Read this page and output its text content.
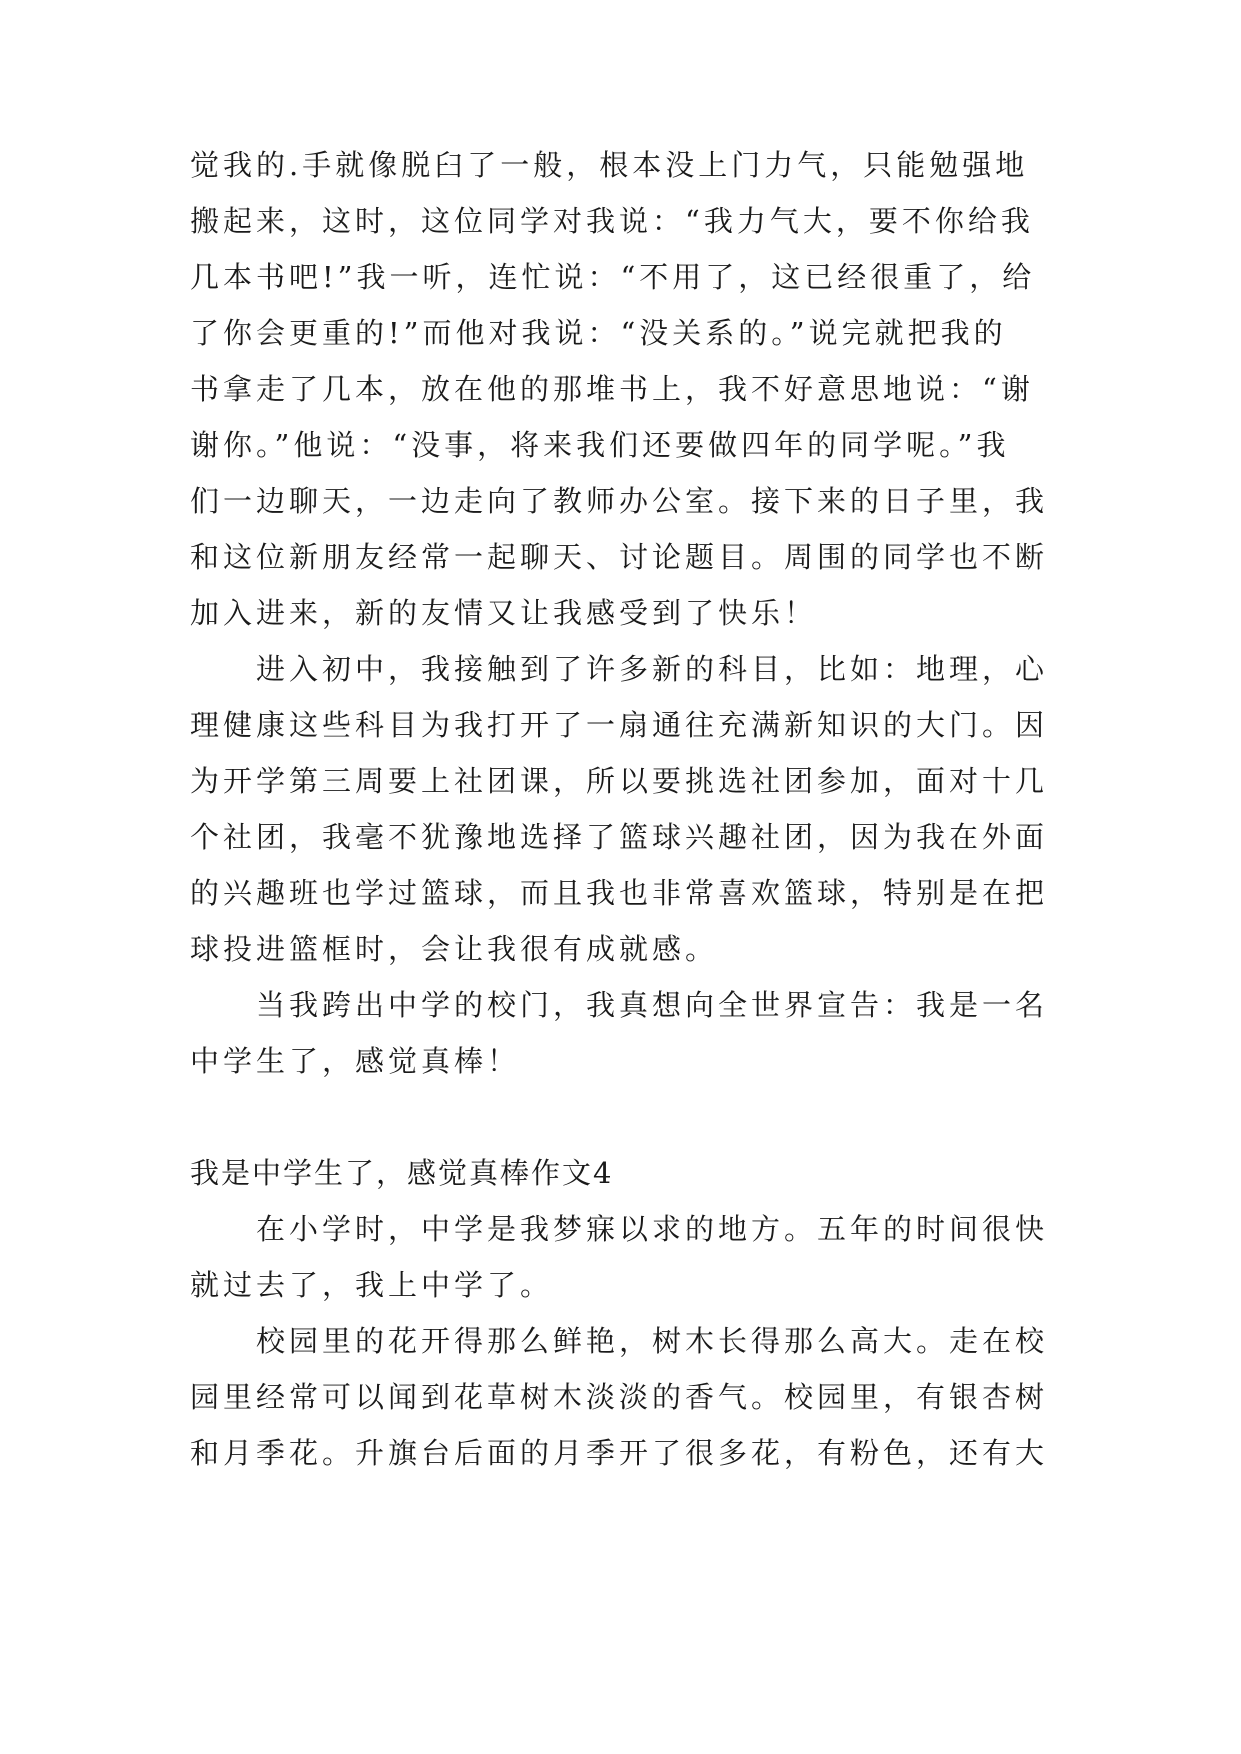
觉我的.手就像脱臼了一般，根本没上门力气，只能勉强地
搬起来，这时，这位同学对我说：“我力气大，要不你给我
几本书吧!”我一听，连忙说：“不用了，这已经很重了，给
了你会更重的!”而他对我说：“没关系的。”说完就把我的
书拿走了几本，放在他的那堆书上，我不好意思地说：“谢
谢你。”他说：“没事，将来我们还要做四年的同学呢。”我
们一边聊天，一边走向了教师办公室。接下来的日子里，我
和这位新朋友经常一起聊天、讨论题目。周围的同学也不断
加入进来，新的友情又让我感受到了快乐！
进入初中，我接触到了许多新的科目，比如：地理，心
理健康这些科目为我打开了一扇通往充满新知识的大门。因
为开学第三周要上社团课，所以要挑选社团参加，面对十几
个社团，我毫不犹豫地选择了篮球兴趣社团，因为我在外面
的兴趣班也学过篮球，而且我也非常喜欢篮球，特别是在把
球投进篮框时，会让我很有成就感。
当我跨出中学的校门，我真想向全世界宣告：我是一名
中学生了，感觉真棒！
我是中学生了，感觉真棒作文4
在小学时，中学是我梦寐以求的地方。五年的时间很快
就过去了，我上中学了。
校园里的花开得那么鲜艳，树木长得那么高大。走在校
园里经常可以闻到花草树木淡淡的香气。校园里，有银杏树
和月季花。升旗台后面的月季开了很多花，有粉色，还有大
